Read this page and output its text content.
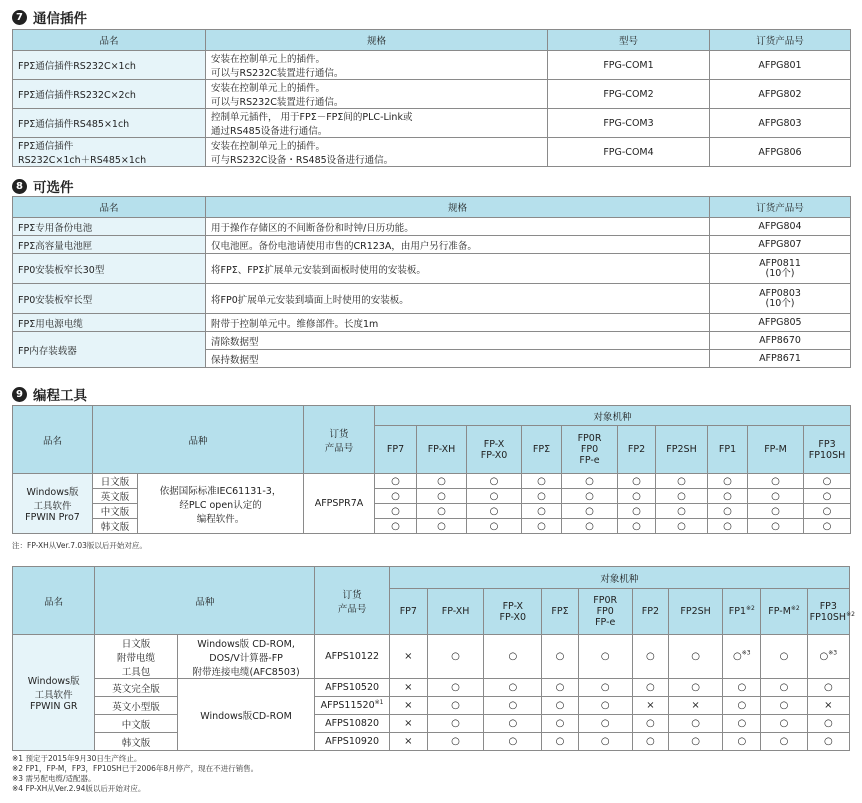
7 通信插件
品名	规格	型号	订货产品号
FPΣ通信插件RS232C×1ch	安装在控制单元上的插件。
可以与RS232C装置进行通信。	FPG-COM1	AFPG801
FPΣ通信插件RS232C×2ch	安装在控制单元上的插件。
可以与RS232C装置进行通信。	FPG-COM2	AFPG802
FPΣ通信插件RS485×1ch	控制单元插件， 用于FPΣ－FPΣ间的PLC-Link或
通过RS485设备进行通信。	FPG-COM3	AFPG803
FPΣ通信插件
RS232C×1ch＋RS485×1ch	安装在控制单元上的插件。
可与RS232C设备・RS485设备进行通信。	FPG-COM4	AFPG806
8 可选件
品名	规格	订货产品号
FPΣ专用备份电池	用于操作存储区的不间断备份和时钟/日历功能。	AFPG804
FPΣ高容量电池匣	仅电池匣。备份电池请使用市售的CR123A，由用户另行准备。	AFPG807
FP0安装板窄长30型	将FPΣ、FPΣ扩展单元安装到面板时使用的安装板。	AFP0811
(10个)
FP0安装板窄长型	将FP0扩展单元安装到墙面上时使用的安装板。	AFP0803
(10个)
FPΣ用电源电缆	附带于控制单元中。维修部件。长度1m	AFPG805
FP内存装载器	清除数据型	AFP8670
	保持数据型	AFP8671
9 编程工具
品名	品种		订货
产品号	对象机种									
				FP7	FP-XH	FP-X
FP-X0	FPΣ	FP0R
FP0
FP-e	FP2	FP2SH	FP1	FP-M	FP3
FP10SH
Windows版
工具软件
FPWIN Pro7	日文版	依据国际标准IEC61131-3，
经PLC open认定的
编程软件。	AFPSPR7A	○	○	○	○	○	○	○	○	○	○
	英文版			○	○	○	○	○	○	○	○	○	○
	中文版			○	○	○	○	○	○	○	○	○	○
	韩文版			○	○	○	○	○	○	○	○	○	○
注：FP-XH从Ver.7.03版以后开始对应。
品名	品种		订货
产品号	对象机种									
				FP7	FP-XH	FP-X
FP-X0	FPΣ	FP0R
FP0
FP-e	FP2	FP2SH	FP1$^{※2}$	$FP-M^{※2}$	FP3
FP10SH$^{※2}$
Windows版
工具软件
FPWIN GR	日文版
附带电缆
工具包	Windows版 CD-ROM,
DOS/V计算器-FP
附带连接电缆(AFC8503)	AFPS10122	×	○	○	○	○	○	○	○$^{※3}$	○	○$^{※3}$
	英文完全版	Windows版CD-ROM	AFPS10520	×	○	○	○	○	○	○	○	○	○
	英文小型版		$AFPS11520^{※1}$	×	○	○	○	○	×	×	○	○	×
	中文版		AFPS10820	×	○	○	○	○	○	○	○	○	○
	韩文版		AFPS10920	×	○	○	○	○	○	○	○	○	○
※1 预定于2015年9月30日生产终止。
※2 FP1，FP-M，FP3，FP10SH已于2006年8月停产，现在不进行销售。
※3 需另配电缆/适配器。
※4 FP-XH从Ver.2.94版以后开始对应。
